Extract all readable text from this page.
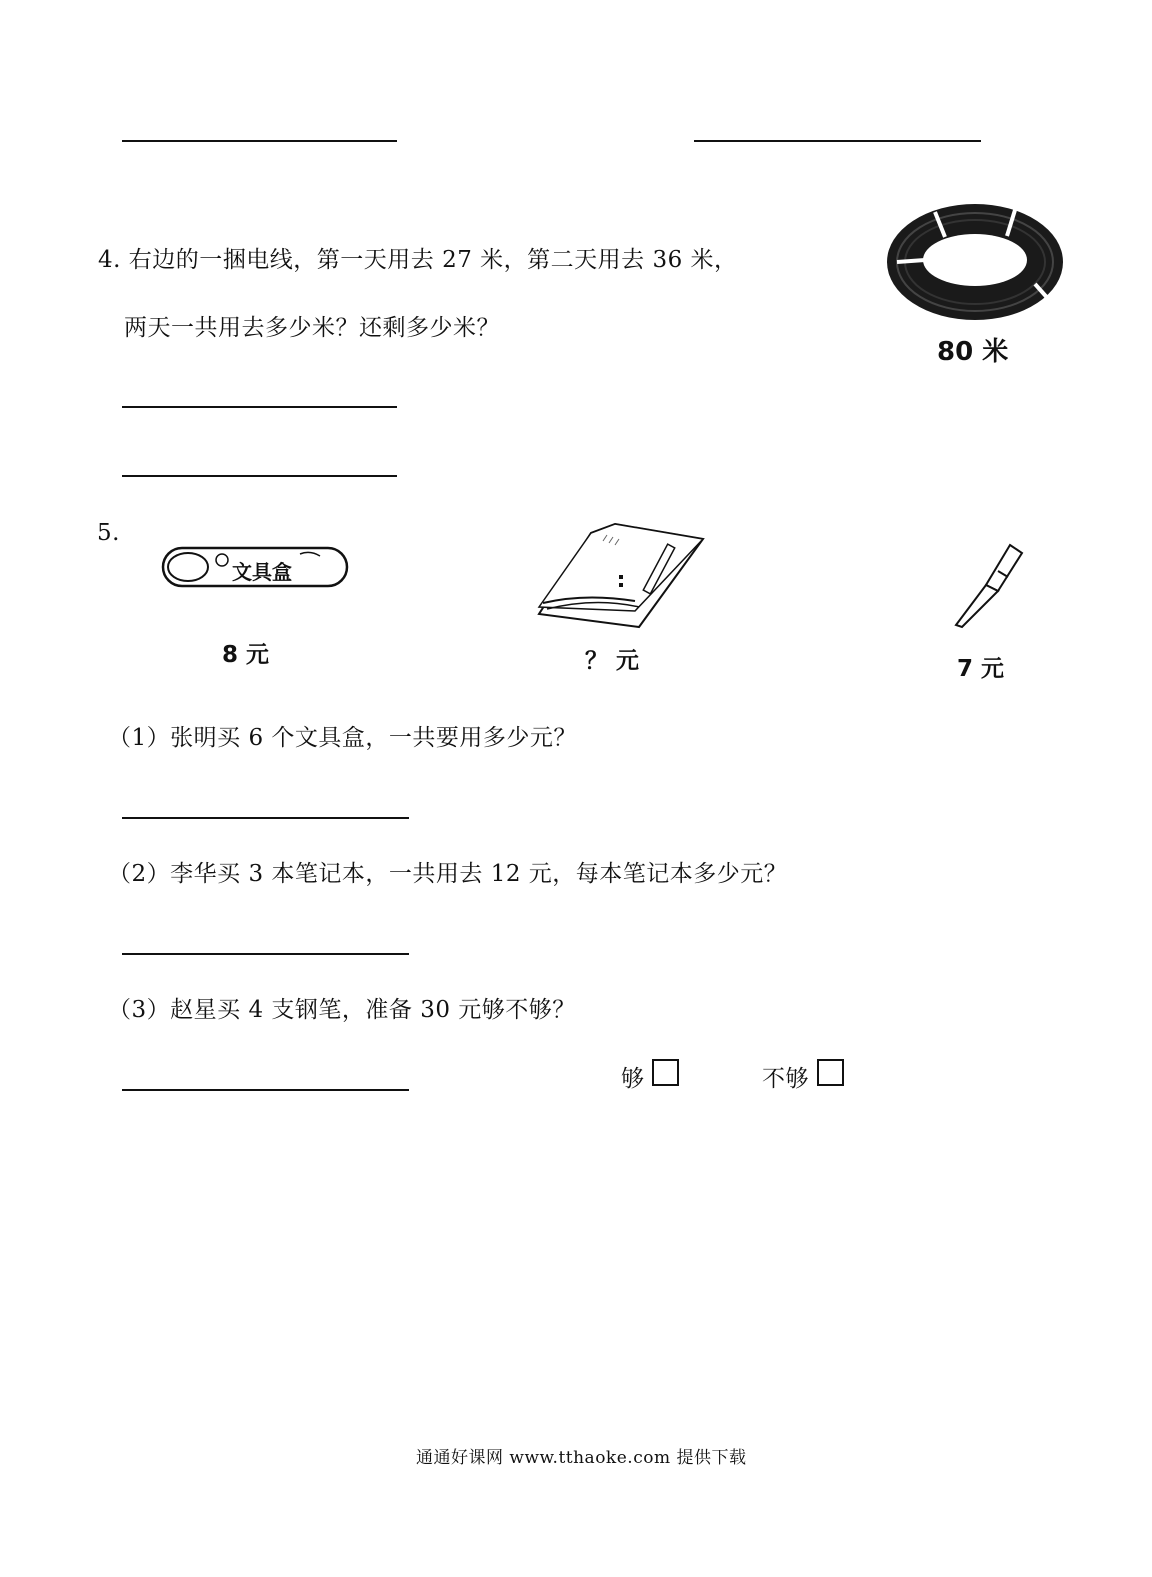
4. 右边的一捆电线，第一天用去 27 米，第二天用去 36 米，
两天一共用去多少米？还剩多少米？
80 米
5.
文具盒
8 元	？ 元	7 元
（1）张明买 6 个文具盒，一共要用多少元？
（2）李华买 3 本笔记本，一共用去 12 元，每本笔记本多少元？
（3）赵星买 4 支钢笔，准备 30 元够不够？
够	不够
通通好课网 www.tthaoke.com 提供下载
